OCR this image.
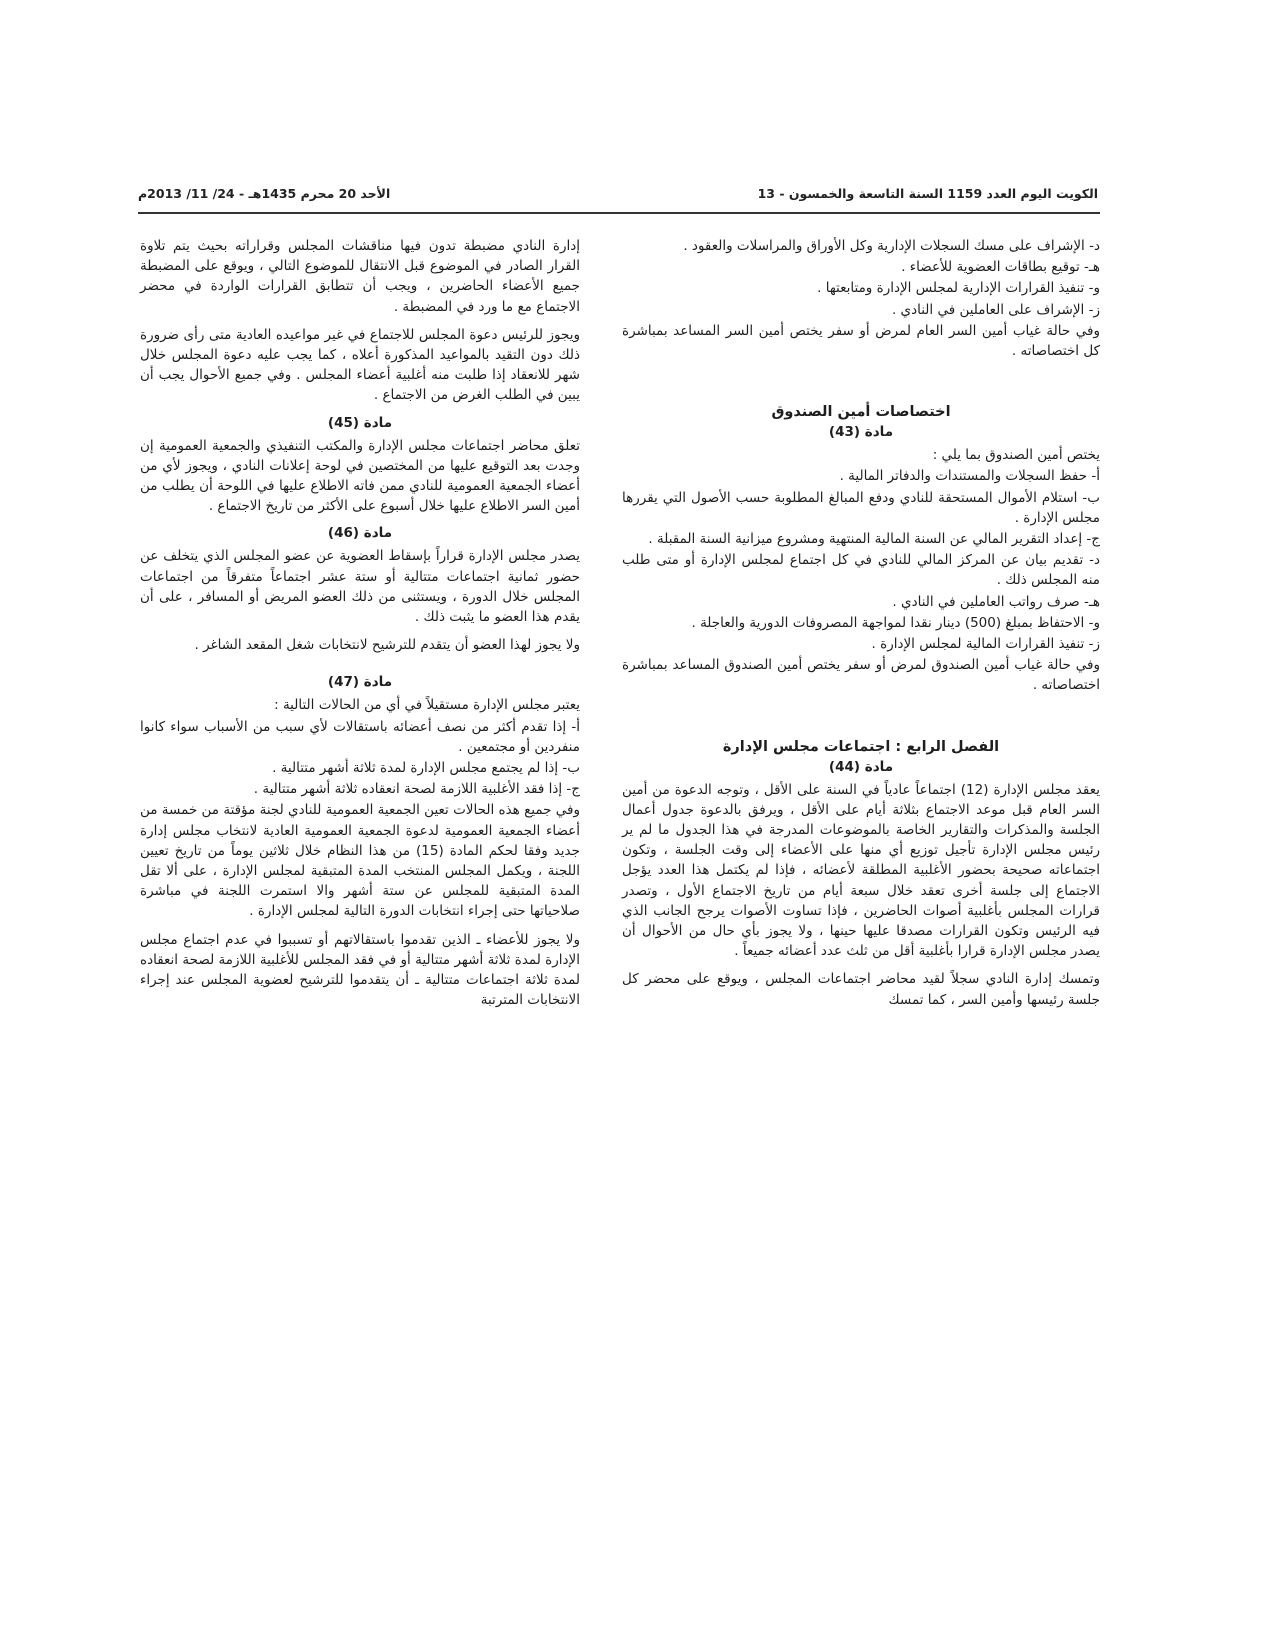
الكويت اليوم العدد 1159 السنة التاسعة والخمسون - 13
الأحد 20 محرم 1435هـ - 24/ 11/ 2013م
د- الإشراف على مسك السجلات الإدارية وكل الأوراق والمراسلات والعقود .
هـ- توقيع بطاقات العضوية للأعضاء .
و- تنفيذ القرارات الإدارية لمجلس الإدارة ومتابعتها .
ز- الإشراف على العاملين في النادي .
وفي حالة غياب أمين السر العام لمرض أو سفر يختص أمين السر المساعد بمباشرة كل اختصاصاته .
اختصاصات أمين الصندوق
مادة (43)
يختص أمين الصندوق بما يلي :
أ- حفظ السجلات والمستندات والدفاتر المالية .
ب- استلام الأموال المستحقة للنادي ودفع المبالغ المطلوبة حسب الأصول التي يقررها مجلس الإدارة .
ج- إعداد التقرير المالي عن السنة المالية المنتهية ومشروع ميزانية السنة المقبلة .
د- تقديم بيان عن المركز المالي للنادي في كل اجتماع لمجلس الإدارة أو متى طلب منه المجلس ذلك .
هـ- صرف رواتب العاملين في النادي .
و- الاحتفاظ بمبلغ (500) دينار نقدا لمواجهة المصروفات الدورية والعاجلة .
ز- تنفيذ القرارات المالية لمجلس الإدارة .
وفي حالة غياب أمين الصندوق لمرض أو سفر يختص أمين الصندوق المساعد بمباشرة اختصاصاته .
الفصل الرابع : اجتماعات مجلس الإدارة
مادة (44)

يعقد مجلس الإدارة (12) اجتماعاً عادياً في السنة على الأقل ، وتوجه الدعوة من أمين السر العام قبل موعد الاجتماع بثلاثة أيام على الأقل ، ويرفق بالدعوة جدول أعمال الجلسة والمذكرات والتقارير الخاصة بالموضوعات المدرجة في هذا الجدول ما لم ير رئيس مجلس الإدارة تأجيل توزيع أي منها على الأعضاء إلى وقت الجلسة ، وتكون اجتماعاته صحيحة بحضور الأغلبية المطلقة لأعضائه ، فإذا لم يكتمل هذا العدد يؤجل الاجتماع إلى جلسة أخرى تعقد خلال سبعة أيام من تاريخ الاجتماع الأول ، وتصدر قرارات المجلس بأغلبية أصوات الحاضرين ، فإذا تساوت الأصوات يرجح الجانب الذي فيه الرئيس وتكون القرارات مصدقا عليها حينها ، ولا يجوز بأي حال من الأحوال أن يصدر مجلس الإدارة قرارا بأغلبية أقل من ثلث عدد أعضائه جميعاً .

وتمسك إدارة النادي سجلاً لقيد محاضر اجتماعات المجلس ، ويوقع على محضر كل جلسة رئيسها وأمين السر ، كما تمسك

إدارة النادي مضبطة تدون فيها مناقشات المجلس وقراراته بحيث يتم تلاوة القرار الصادر في الموضوع قبل الانتقال للموضوع التالي ، ويوقع على المضبطة جميع الأعضاء الحاضرين ، ويجب أن تتطابق القرارات الواردة في محضر الاجتماع مع ما ورد في المضبطة .

ويجوز للرئيس دعوة المجلس للاجتماع في غير مواعيده العادية متى رأى ضرورة ذلك دون التقيد بالمواعيد المذكورة أعلاه ، كما يجب عليه دعوة المجلس خلال شهر للانعقاد إذا طلبت منه أغلبية أعضاء المجلس . وفي جميع الأحوال يجب أن يبين في الطلب الغرض من الاجتماع .

مادة (45)

تعلق محاضر اجتماعات مجلس الإدارة والمكتب التنفيذي والجمعية العمومية إن وجدت بعد التوقيع عليها من المختصين في لوحة إعلانات النادي ، ويجوز لأي من أعضاء الجمعية العمومية للنادي ممن فاته الاطلاع عليها في اللوحة أن يطلب من أمين السر الاطلاع عليها خلال أسبوع على الأكثر من تاريخ الاجتماع .

مادة (46)

يصدر مجلس الإدارة قراراً بإسقاط العضوية عن عضو المجلس الذي يتخلف عن حضور ثمانية اجتماعات متتالية أو ستة عشر اجتماعاً متفرقاً من اجتماعات المجلس خلال الدورة ، ويستثنى من ذلك العضو المريض أو المسافر ، على أن يقدم هذا العضو ما يثبت ذلك .

ولا يجوز لهذا العضو أن يتقدم للترشيح لانتخابات شغل المقعد الشاغر .

مادة (47)
يعتبر مجلس الإدارة مستقيلاً في أي من الحالات التالية :
أ- إذا تقدم أكثر من نصف أعضائه باستقالات لأي سبب من الأسباب سواء كانوا منفردين أو مجتمعين .
ب- إذا لم يجتمع مجلس الإدارة لمدة ثلاثة أشهر متتالية .
ج- إذا فقد الأغلبية اللازمة لصحة انعقاده ثلاثة أشهر متتالية .

وفي جميع هذه الحالات تعين الجمعية العمومية للنادي لجنة مؤقتة من خمسة من أعضاء الجمعية العمومية لدعوة الجمعية العمومية العادية لانتخاب مجلس إدارة جديد وفقا لحكم المادة (15) من هذا النظام خلال ثلاثين يوماً من تاريخ تعيين اللجنة ، ويكمل المجلس المنتخب المدة المتبقية لمجلس الإدارة ، على ألا تقل المدة المتبقية للمجلس عن ستة أشهر والا استمرت اللجنة في مباشرة صلاحياتها حتى إجراء انتخابات الدورة التالية لمجلس الإدارة .

ولا يجوز للأعضاء ـ الذين تقدموا باستقالاتهم أو تسببوا في عدم اجتماع مجلس الإدارة لمدة ثلاثة أشهر متتالية أو في فقد المجلس للأغلبية اللازمة لصحة انعقاده لمدة ثلاثة اجتماعات متتالية ـ أن يتقدموا للترشيح لعضوية المجلس عند إجراء الانتخابات المترتبة
